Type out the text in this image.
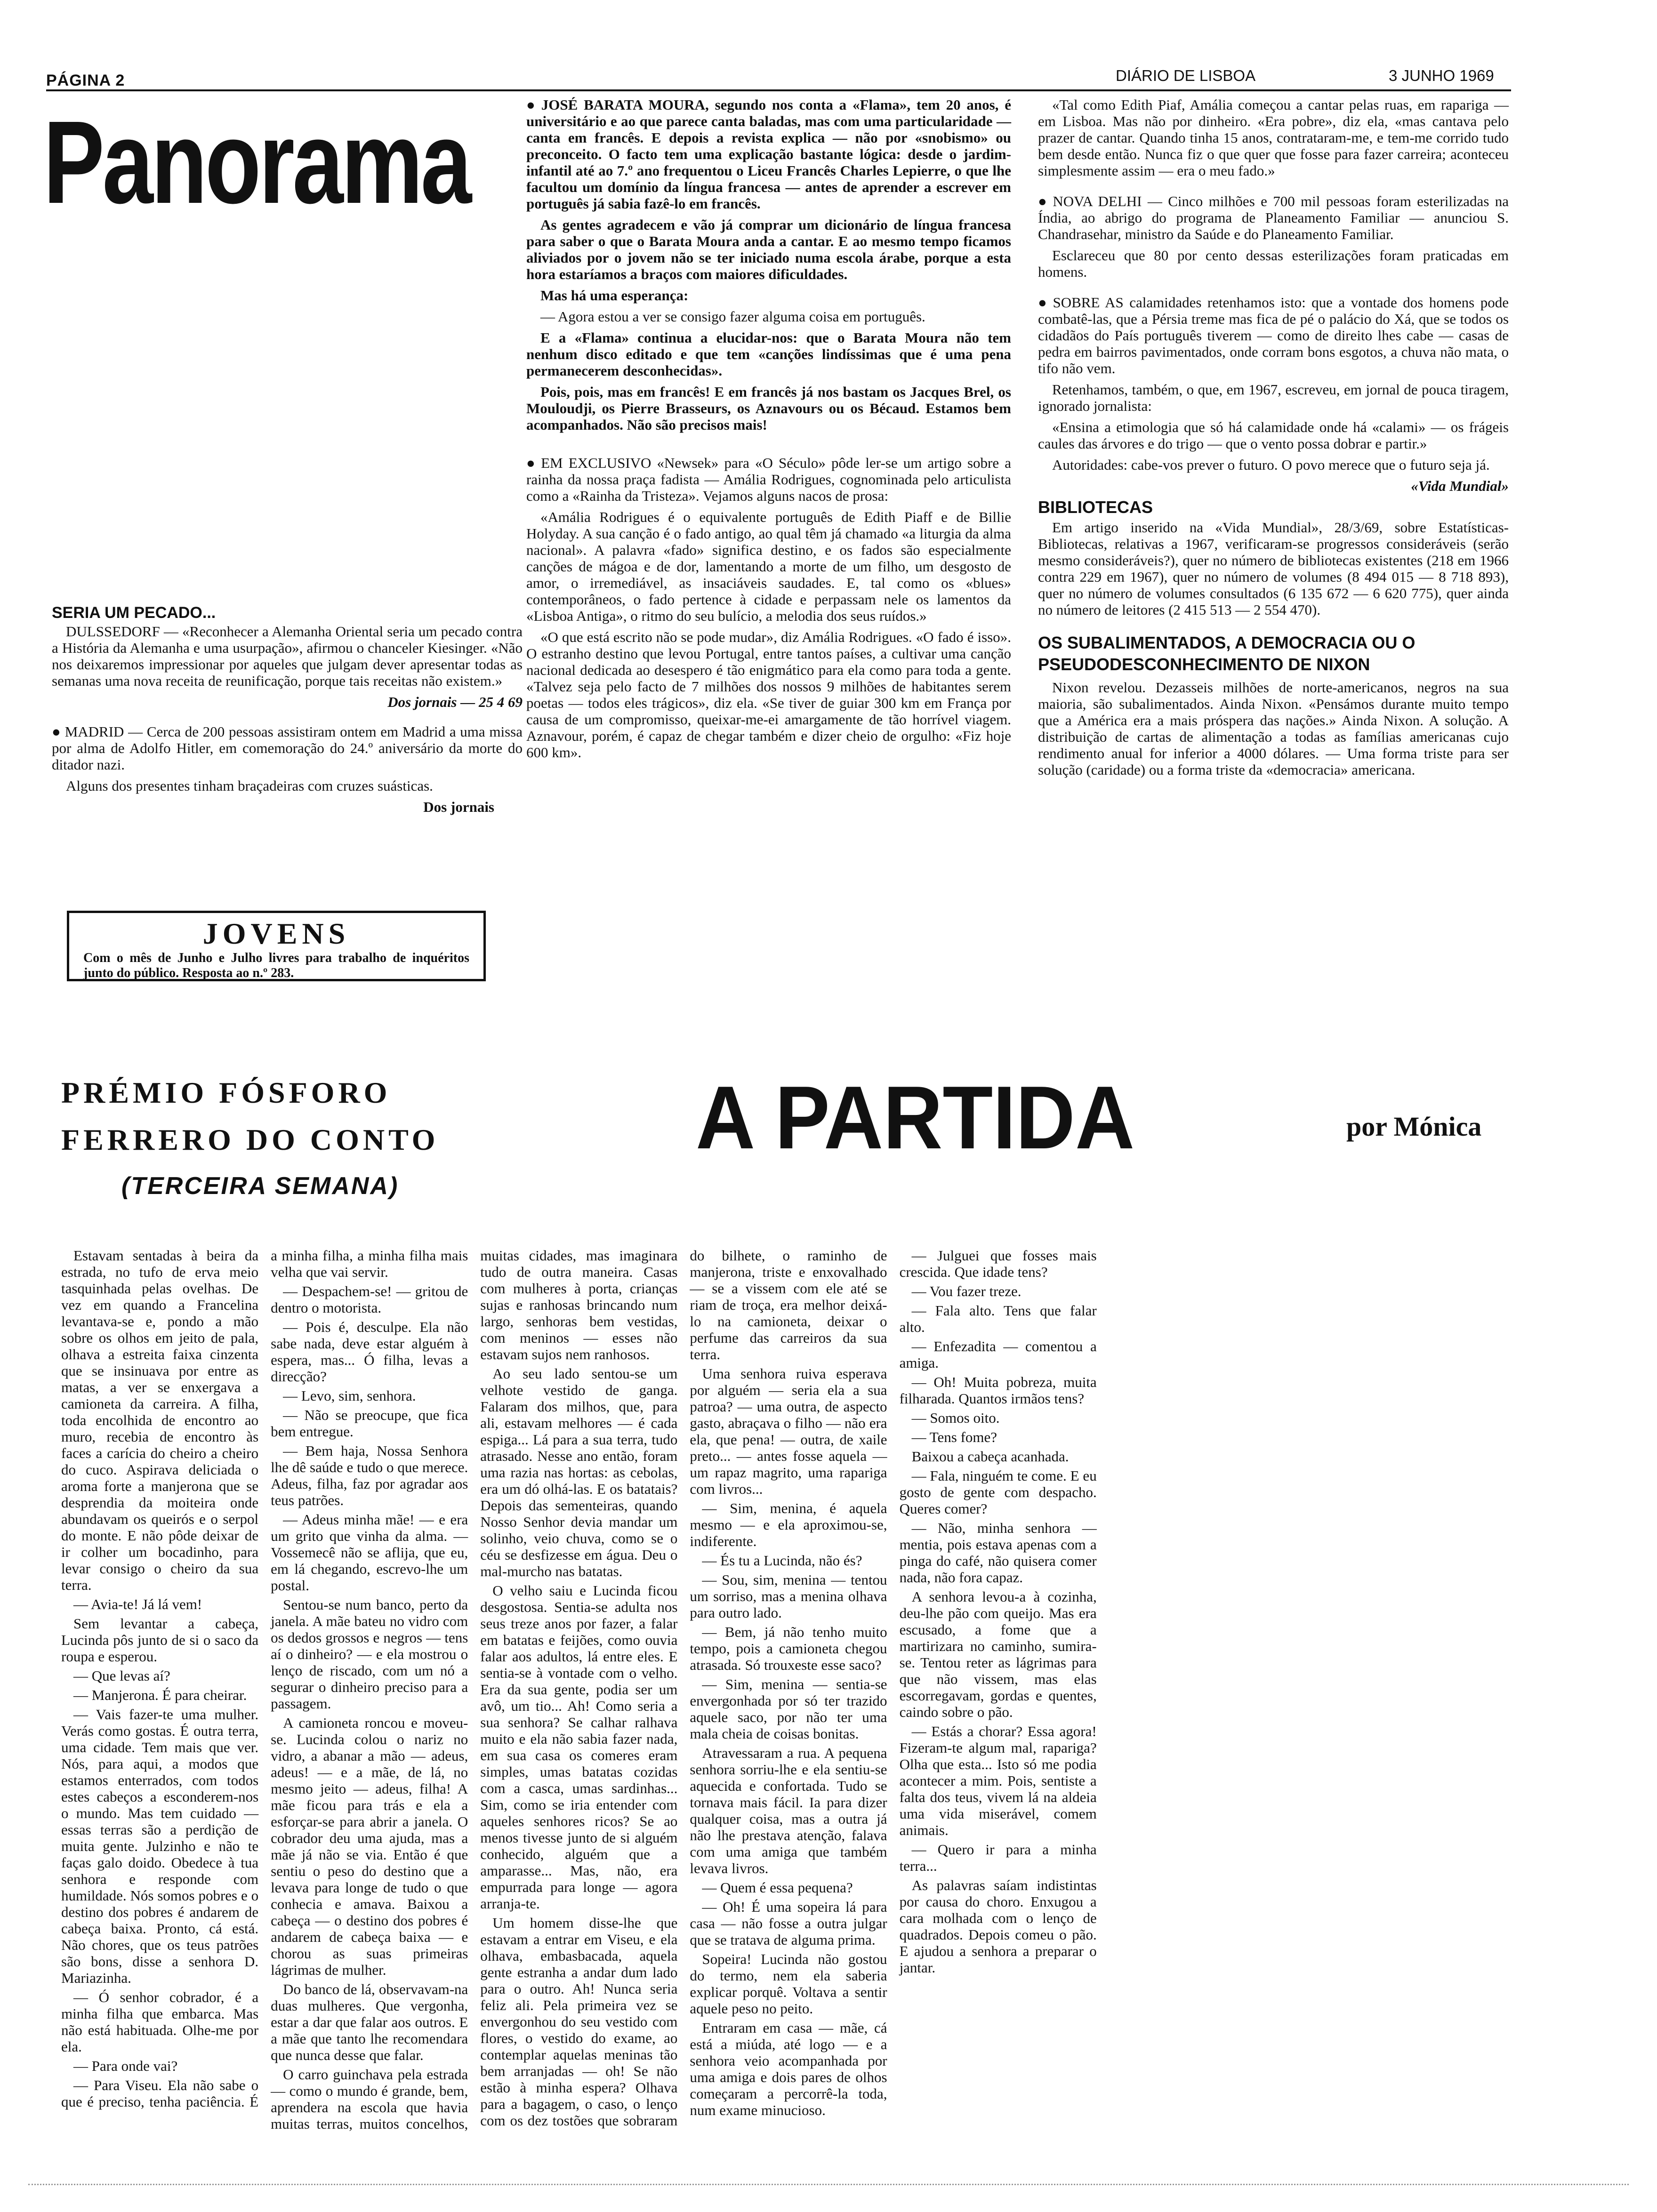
PÁGINA 2	DIÁRIO DE LISBOA	3 JUNHO 1969
Panorama
SERIA UM PECADO...

DULSSEDORF — «Reconhecer a Alemanha Oriental seria um pecado contra a História da Alemanha e uma usurpação», afirmou o chanceler Kiesinger. «Não nos deixaremos impressionar por aqueles que julgam dever apresentar todas as semanas uma nova receita de reunificação, porque tais receitas não existem.»

Dos jornais — 25 4 69

● MADRID — Cerca de 200 pessoas assistiram ontem em Madrid a uma missa por alma de Adolfo Hitler, em comemoração do 24.º aniversário da morte do ditador nazi.

Alguns dos presentes tinham braçadeiras com cruzes suásticas.

Dos jornais
JOVENS
Com o mês de Junho e Julho livres para trabalho de inquéritos junto do público. Resposta ao n.º 283.

● JOSÉ BARATA MOURA, segundo nos conta a «Flama», tem 20 anos, é universitário e ao que parece canta baladas, mas com uma particularidade — canta em francês. E depois a revista explica — não por «snobismo» ou preconceito. O facto tem uma explicação bastante lógica: desde o jardim-infantil até ao 7.º ano frequentou o Liceu Francês Charles Lepierre, o que lhe facultou um domínio da língua francesa — antes de aprender a escrever em português já sabia fazê-lo em francês.

As gentes agradecem e vão já comprar um dicionário de língua francesa para saber o que o Barata Moura anda a cantar. E ao mesmo tempo ficamos aliviados por o jovem não se ter iniciado numa escola árabe, porque a esta hora estaríamos a braços com maiores dificuldades.

Mas há uma esperança:

— Agora estou a ver se consigo fazer alguma coisa em português.

E a «Flama» continua a elucidar-nos: que o Barata Moura não tem nenhum disco editado e que tem «canções lindíssimas que é uma pena permanecerem desconhecidas».

Pois, pois, mas em francês! E em francês já nos bastam os Jacques Brel, os Mouloudji, os Pierre Brasseurs, os Aznavours ou os Bécaud. Estamos bem acompanhados. Não são precisos mais!

● EM EXCLUSIVO «Newsek» para «O Século» pôde ler-se um artigo sobre a rainha da nossa praça fadista — Amália Rodrigues, cognominada pelo articulista como a «Rainha da Tristeza». Vejamos alguns nacos de prosa:

«Amália Rodrigues é o equivalente português de Edith Piaff e de Billie Holyday. A sua canção é o fado antigo, ao qual têm já chamado «a liturgia da alma nacional». A palavra «fado» significa destino, e os fados são especialmente canções de mágoa e de dor, lamentando a morte de um filho, um desgosto de amor, o irremediável, as insaciáveis saudades. E, tal como os «blues» contemporâneos, o fado pertence à cidade e perpassam nele os lamentos da «Lisboa Antiga», o ritmo do seu bulício, a melodia dos seus ruídos.»

«O que está escrito não se pode mudar», diz Amália Rodrigues. «O fado é isso». O estranho destino que levou Portugal, entre tantos países, a cultivar uma canção nacional dedicada ao desespero é tão enigmático para ela como para toda a gente. «Talvez seja pelo facto de 7 milhões dos nossos 9 milhões de habitantes serem poetas — todos eles trágicos», diz ela. «Se tiver de guiar 300 km em França por causa de um compromisso, queixar-me-ei amargamente de tão horrível viagem. Aznavour, porém, é capaz de chegar também e dizer cheio de orgulho: «Fiz hoje 600 km».

«Tal como Edith Piaf, Amália começou a cantar pelas ruas, em rapariga — em Lisboa. Mas não por dinheiro. «Era pobre», diz ela, «mas cantava pelo prazer de cantar. Quando tinha 15 anos, contrataram-me, e tem-me corrido tudo bem desde então. Nunca fiz o que quer que fosse para fazer carreira; aconteceu simplesmente assim — era o meu fado.»

● NOVA DELHI — Cinco milhões e 700 mil pessoas foram esterilizadas na Índia, ao abrigo do programa de Planeamento Familiar — anunciou S. Chandrasehar, ministro da Saúde e do Planeamento Familiar.

Esclareceu que 80 por cento dessas esterilizações foram praticadas em homens.

● SOBRE AS calamidades retenhamos isto: que a vontade dos homens pode combatê-las, que a Pérsia treme mas fica de pé o palácio do Xá, que se todos os cidadãos do País português tiverem — como de direito lhes cabe — casas de pedra em bairros pavimentados, onde corram bons esgotos, a chuva não mata, o tifo não vem.

Retenhamos, também, o que, em 1967, escreveu, em jornal de pouca tiragem, ignorado jornalista:

«Ensina a etimologia que só há calamidade onde há «calami» — os frágeis caules das árvores e do trigo — que o vento possa dobrar e partir.»

Autoridades: cabe-vos prever o futuro. O povo merece que o futuro seja já.

«Vida Mundial»
BIBLIOTECAS

Em artigo inserido na «Vida Mundial», 28/3/69, sobre Estatísticas-Bibliotecas, relativas a 1967, verificaram-se progressos consideráveis (serão mesmo consideráveis?), quer no número de bibliotecas existentes (218 em 1966 contra 229 em 1967), quer no número de volumes (8 494 015 — 8 718 893), quer no número de volumes consultados (6 135 672 — 6 620 775), quer ainda no número de leitores (2 415 513 — 2 554 470).

OS SUBALIMENTADOS, A DEMOCRACIA OU O PSEUDODESCONHECIMENTO DE NIXON

Nixon revelou. Dezasseis milhões de norte-americanos, negros na sua maioria, são subalimentados. Ainda Nixon. «Pensámos durante muito tempo que a América era a mais próspera das nações.» Ainda Nixon. A solução. A distribuição de cartas de alimentação a todas as famílias americanas cujo rendimento anual for inferior a 4000 dólares. — Uma forma triste para ser solução (caridade) ou a forma triste da «democracia» americana.

PRÉMIO FÓSFORO
FERRERO DO CONTO
(TERCEIRA SEMANA)
A PARTIDA	por Mónica

Estavam sentadas à beira da estrada, no tufo de erva meio tasquinhada pelas ovelhas. De vez em quando a Francelina levantava-se e, pondo a mão sobre os olhos em jeito de pala, olhava a estreita faixa cinzenta que se insinuava por entre as matas, a ver se enxergava a camioneta da carreira. A filha, toda encolhida de encontro ao muro, recebia de encontro às faces a carícia do cheiro a cheiro do cuco. Aspirava deliciada o aroma forte a manjerona que se desprendia da moiteira onde abundavam os queirós e o serpol do monte. E não pôde deixar de ir colher um bocadinho, para levar consigo o cheiro da sua terra.

— Avia-te! Já lá vem!

Sem levantar a cabeça, Lucinda pôs junto de si o saco da roupa e esperou.

— Que levas aí?

— Manjerona. É para cheirar.

— Vais fazer-te uma mulher. Verás como gostas. É outra terra, uma cidade. Tem mais que ver. Nós, para aqui, a modos que estamos enterrados, com todos estes cabeços a esconderem-nos o mundo. Mas tem cuidado — essas terras são a perdição de muita gente. Julzinho e não te faças galo doido. Obedece à tua senhora e responde com humildade. Nós somos pobres e o destino dos pobres é andarem de cabeça baixa. Pronto, cá está. Não chores, que os teus patrões são bons, disse a senhora D. Mariazinha.

— Ó senhor cobrador, é a minha filha que embarca. Mas não está habituada. Olhe-me por ela.

— Para onde vai?

— Para Viseu. Ela não sabe o que é preciso, tenha paciência. É a minha filha, a minha filha mais velha que vai servir.

— Despachem-se! — gritou de dentro o motorista.

— Pois é, desculpe. Ela não sabe nada, deve estar alguém à espera, mas... Ó filha, levas a direcção?

— Levo, sim, senhora.

— Não se preocupe, que fica bem entregue.

— Bem haja, Nossa Senhora lhe dê saúde e tudo o que merece. Adeus, filha, faz por agradar aos teus patrões.

— Adeus minha mãe! — e era um grito que vinha da alma. — Vossemecê não se aflija, que eu, em lá chegando, escrevo-lhe um postal.

Sentou-se num banco, perto da janela. A mãe bateu no vidro com os dedos grossos e negros — tens aí o dinheiro? — e ela mostrou o lenço de riscado, com um nó a segurar o dinheiro preciso para a passagem.

A camioneta roncou e moveu-se. Lucinda colou o nariz no vidro, a abanar a mão — adeus, adeus! — e a mãe, de lá, no mesmo jeito — adeus, filha! A mãe ficou para trás e ela a esforçar-se para abrir a janela. O cobrador deu uma ajuda, mas a mãe já não se via. Então é que sentiu o peso do destino que a levava para longe de tudo o que conhecia e amava. Baixou a cabeça — o destino dos pobres é andarem de cabeça baixa — e chorou as suas primeiras lágrimas de mulher.

Do banco de lá, observavam-na duas mulheres. Que vergonha, estar a dar que falar aos outros. E a mãe que tanto lhe recomendara que nunca desse que falar.

O carro guinchava pela estrada — como o mundo é grande, bem, aprendera na escola que havia muitas terras, muitos concelhos, muitas cidades, mas imaginara tudo de outra maneira. Casas com mulheres à porta, crianças sujas e ranhosas brincando num largo, senhoras bem vestidas, com meninos — esses não estavam sujos nem ranhosos.

Ao seu lado sentou-se um velhote vestido de ganga. Falaram dos milhos, que, para ali, estavam melhores — é cada espiga... Lá para a sua terra, tudo atrasado. Nesse ano então, foram uma razia nas hortas: as cebolas, era um dó olhá-las. E os batatais? Depois das sementeiras, quando Nosso Senhor devia mandar um solinho, veio chuva, como se o céu se desfizesse em água. Deu o mal-murcho nas batatas.

O velho saiu e Lucinda ficou desgostosa. Sentia-se adulta nos seus treze anos por fazer, a falar em batatas e feijões, como ouvia falar aos adultos, lá entre eles. E sentia-se à vontade com o velho. Era da sua gente, podia ser um avô, um tio... Ah! Como seria a sua senhora? Se calhar ralhava muito e ela não sabia fazer nada, em sua casa os comeres eram simples, umas batatas cozidas com a casca, umas sardinhas... Sim, como se iria entender com aqueles senhores ricos? Se ao menos tivesse junto de si alguém conhecido, alguém que a amparasse... Mas, não, era empurrada para longe — agora arranja-te.

Um homem disse-lhe que estavam a entrar em Viseu, e ela olhava, embasbacada, aquela gente estranha a andar dum lado para o outro. Ah! Nunca seria feliz ali. Pela primeira vez se envergonhou do seu vestido com flores, o vestido do exame, ao contemplar aquelas meninas tão bem arranjadas — oh! Se não estão à minha espera? Olhava para a bagagem, o caso, o lenço com os dez tostões que sobraram do bilhete, o raminho de manjerona, triste e enxovalhado — se a vissem com ele até se riam de troça, era melhor deixá-lo na camioneta, deixar o perfume das carreiros da sua terra.

Uma senhora ruiva esperava por alguém — seria ela a sua patroa? — uma outra, de aspecto gasto, abraçava o filho — não era ela, que pena! — outra, de xaile preto... — antes fosse aquela — um rapaz magrito, uma rapariga com livros...

— Sim, menina, é aquela mesmo — e ela aproximou-se, indiferente.

— És tu a Lucinda, não és?

— Sou, sim, menina — tentou um sorriso, mas a menina olhava para outro lado.

— Bem, já não tenho muito tempo, pois a camioneta chegou atrasada. Só trouxeste esse saco?

— Sim, menina — sentia-se envergonhada por só ter trazido aquele saco, por não ter uma mala cheia de coisas bonitas.

Atravessaram a rua. A pequena senhora sorriu-lhe e ela sentiu-se aquecida e confortada. Tudo se tornava mais fácil. Ia para dizer qualquer coisa, mas a outra já não lhe prestava atenção, falava com uma amiga que também levava livros.

— Quem é essa pequena?

— Oh! É uma sopeira lá para casa — não fosse a outra julgar que se tratava de alguma prima.

Sopeira! Lucinda não gostou do termo, nem ela saberia explicar porquê. Voltava a sentir aquele peso no peito.

Entraram em casa — mãe, cá está a miúda, até logo — e a senhora veio acompanhada por uma amiga e dois pares de olhos começaram a percorrê-la toda, num exame minucioso.

— Julguei que fosses mais crescida. Que idade tens?

— Vou fazer treze.

— Fala alto. Tens que falar alto.

— Enfezadita — comentou a amiga.

— Oh! Muita pobreza, muita filharada. Quantos irmãos tens?

— Somos oito.

— Tens fome?

Baixou a cabeça acanhada.

— Fala, ninguém te come. E eu gosto de gente com despacho. Queres comer?

— Não, minha senhora — mentia, pois estava apenas com a pinga do café, não quisera comer nada, não fora capaz.

A senhora levou-a à cozinha, deu-lhe pão com queijo. Mas era escusado, a fome que a martirizara no caminho, sumira-se. Tentou reter as lágrimas para que não vissem, mas elas escorregavam, gordas e quentes, caindo sobre o pão.

— Estás a chorar? Essa agora! Fizeram-te algum mal, rapariga? Olha que esta... Isto só me podia acontecer a mim. Pois, sentiste a falta dos teus, vivem lá na aldeia uma vida miserável, comem animais.

— Quero ir para a minha terra...

As palavras saíam indistintas por causa do choro. Enxugou a cara molhada com o lenço de quadrados. Depois comeu o pão. E ajudou a senhora a preparar o jantar.
